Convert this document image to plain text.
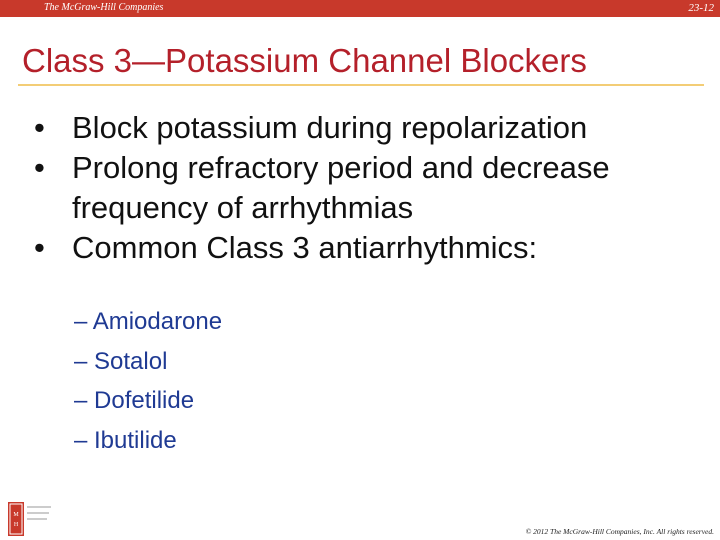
The McGraw-Hill Companies	23-12
Class 3—Potassium Channel Blockers
• Block potassium during repolarization
• Prolong refractory period and decrease frequency of arrhythmias
• Common Class 3 antiarrhythmics:
– Amiodarone
– Sotalol
– Dofetilide
– Ibutilide
M
H
© 2012 The McGraw-Hill Companies, Inc. All rights reserved.
